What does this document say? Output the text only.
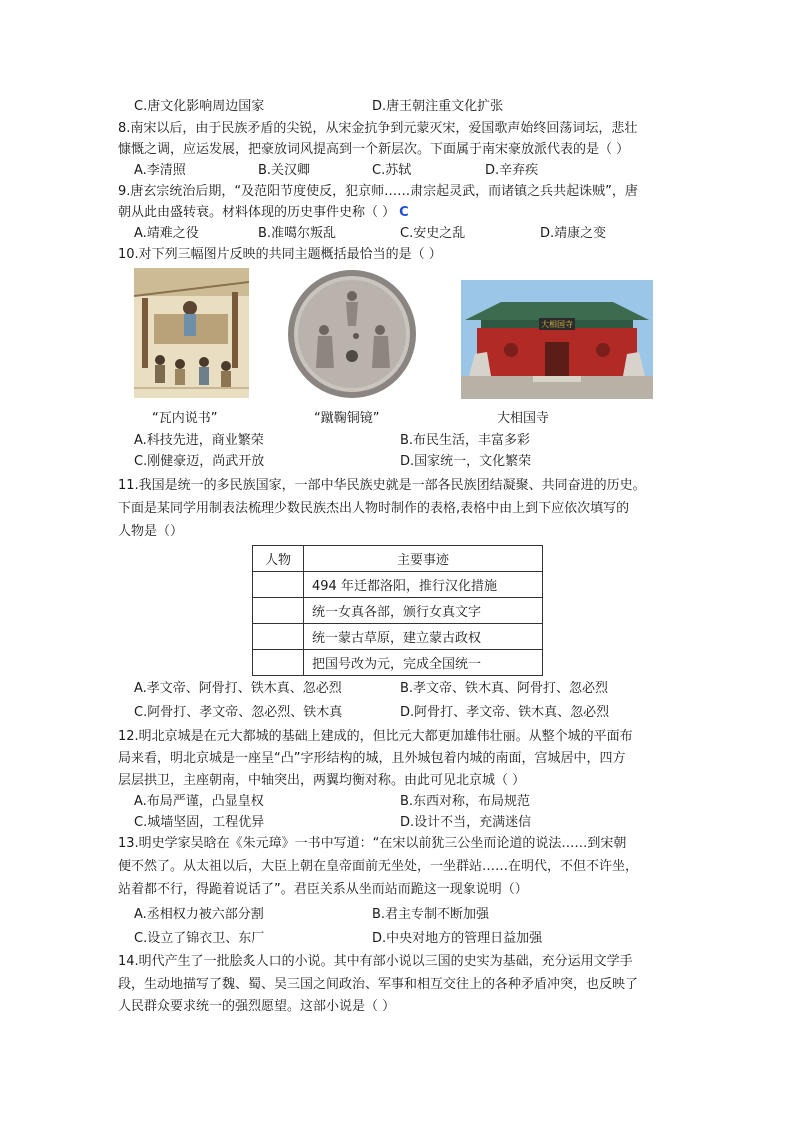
C.唐文化影响周边国家	D.唐王朝注重文化扩张
8.南宋以后，由于民族矛盾的尖锐，从宋金抗争到元蒙灭宋，爱国歌声始终回荡词坛，悲壮
慷慨之调，应运发展，把豪放词风提高到一个新层次。下面属于南宋豪放派代表的是（ ）
A.李清照	B.关汉卿	C.苏轼	D.辛弃疾
9.唐玄宗统治后期，“及范阳节度使反，犯京师……肃宗起灵武，而诸镇之兵共起诛贼”，唐
朝从此由盛转衰。材料体现的历史事件史称（ ） C
A.靖难之役	B.准噶尔叛乱	C.安史之乱	D.靖康之变
10.对下列三幅图片反映的共同主题概括最恰当的是（ ）
大相国寺
“瓦内说书”	“蹴鞠铜镜”	大相国寺
A.科技先进，商业繁荣	B.布民生活，丰富多彩
C.刚健豪迈，尚武开放	D.国家统一，文化繁荣
11.我国是统一的多民族国家，一部中华民族史就是一部各民族团结凝聚、共同奋进的历史。
下面是某同学用制表法梳理少数民族杰出人物时制作的表格,表格中由上到下应依次填写的
人物是（）
人物	主要事迹
	494 年迁都洛阳，推行汉化措施
	统一女真各部，颁行女真文字
	统一蒙古草原，建立蒙古政权
	把国号改为元，完成全国统一
A.孝文帝、阿骨打、铁木真、忽必烈	B.孝文帝、铁木真、阿骨打、忽必烈
C.阿骨打、孝文帝、忽必烈、铁木真	D.阿骨打、孝文帝、铁木真、忽必烈
12.明北京城是在元大都城的基础上建成的，但比元大都更加雄伟壮丽。从整个城的平面布
局来看，明北京城是一座呈“凸”字形结构的城，且外城包着内城的南面，宫城居中，四方
层层拱卫，主座朝南，中轴突出，两翼均衡对称。由此可见北京城（ ）
A.布局严谨，凸显皇权	B.东西对称，布局规范
C.城墙坚固，工程优异	D.设计不当，充满迷信
13.明史学家吴晗在《朱元璋》一书中写道：“在宋以前犹三公坐而论道的说法……到宋朝
便不然了。从太祖以后，大臣上朝在皇帝面前无坐处，一坐群站……在明代，不但不许坐，
站着都不行，得跪着说话了”。君臣关系从坐而站而跪这一现象说明（）
A.丞相权力被六部分割	B.君主专制不断加强
C.设立了锦衣卫、东厂	D.中央对地方的管理日益加强
14.明代产生了一批脍炙人口的小说。其中有部小说以三国的史实为基础，充分运用文学手
段，生动地描写了魏、蜀、吴三国之间政治、军事和相互交往上的各种矛盾冲突，也反映了
人民群众要求统一的强烈愿望。这部小说是（ ）
